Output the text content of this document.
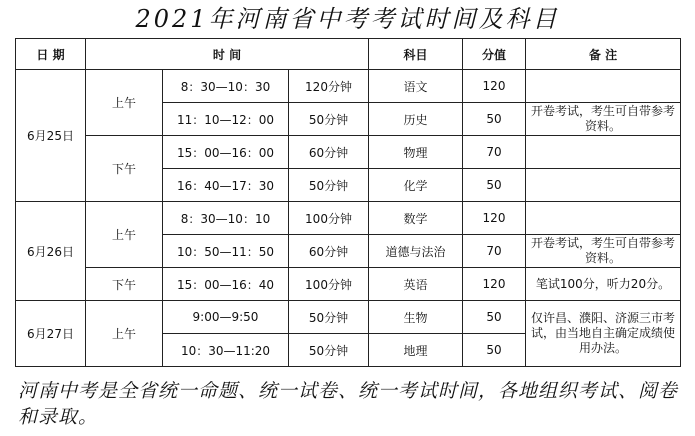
2021年河南省中考考试时间及科目
日 期	时 间			科目	分值	备 注
6月25日	上午	8：30—10：30	120分钟	语文	120	
		11：10—12：00	50分钟	历史	50	开卷考试，考生可自带参考资料。
	下午	15：00—16：00	60分钟	物理	70	
		16：40—17：30	50分钟	化学	50	
6月26日	上午	8：30—10：10	100分钟	数学	120	
		10：50—11：50	60分钟	道德与法治	70	开卷考试，考生可自带参考资料。
	下午	15：00—16：40	100分钟	英语	120	笔试100分，听力20分。
6月27日	上午	9:00—9:50	50分钟	生物	50	仅许昌、濮阳、济源三市考试，由当地自主确定成绩使用办法。
		10：30—11:20	50分钟	地理	50	
河南中考是全省统一命题、统一试卷、统一考试时间，各地组织考试、阅卷和录取。
